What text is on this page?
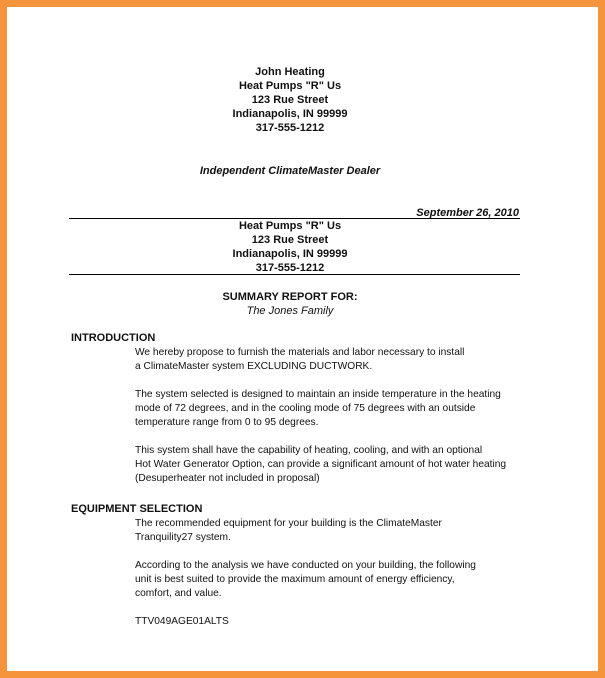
John Heating
Heat Pumps "R" Us
123 Rue Street
Indianapolis, IN 99999
317-555-1212
Independent ClimateMaster Dealer
September 26, 2010
Heat Pumps "R" Us
123 Rue Street
Indianapolis, IN 99999
317-555-1212
SUMMARY REPORT FOR:
The Jones Family
INTRODUCTION

We hereby propose to furnish the materials and labor necessary to install
a ClimateMaster system EXCLUDING DUCTWORK.

The system selected is designed to maintain an inside temperature in the heating
mode of 72 degrees, and in the cooling mode of 75 degrees with an outside
temperature range from 0 to 95 degrees.

This system shall have the capability of heating, cooling, and with an optional
Hot Water Generator Option, can provide a significant amount of hot water heating
(Desuperheater not included in proposal)

EQUIPMENT SELECTION

The recommended equipment for your building is the ClimateMaster
Tranquility27 system.

According to the analysis we have conducted on your building, the following
unit is best suited to provide the maximum amount of energy efficiency,
comfort, and value.

TTV049AGE01ALTS
